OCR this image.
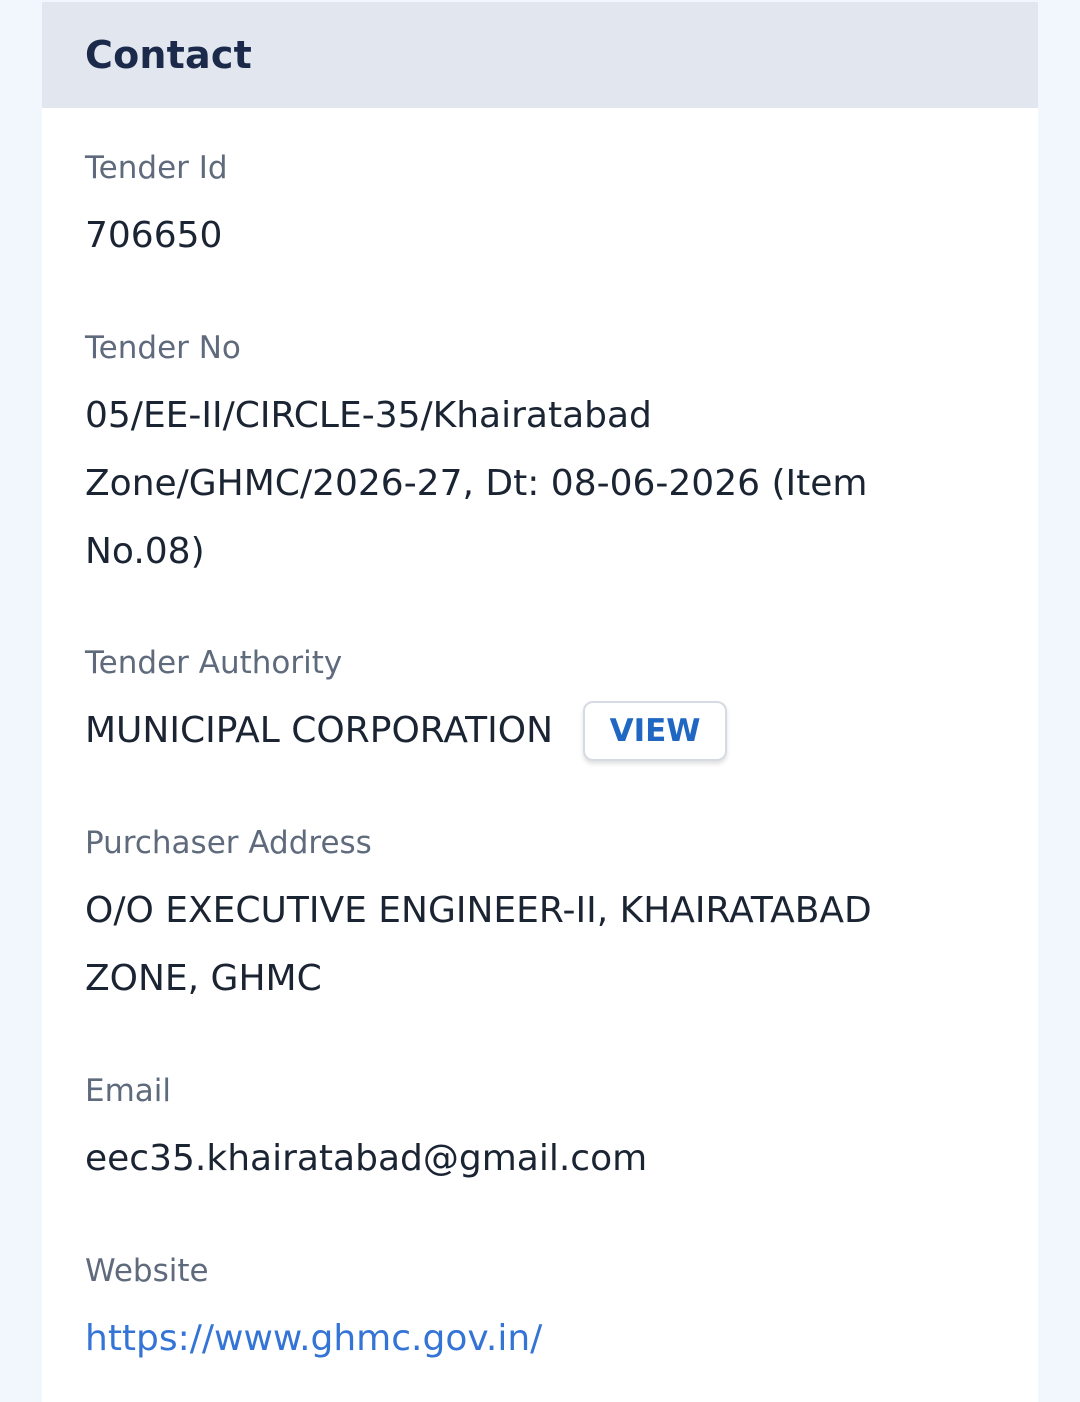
Contact
Tender Id
706650
Tender No
05/EE-II/CIRCLE-35/Khairatabad Zone/GHMC/2026-27, Dt: 08-06-2026 (Item No.08)
Tender Authority
MUNICIPAL CORPORATION	VIEW
Purchaser Address
O/O EXECUTIVE ENGINEER-II, KHAIRATABAD ZONE, GHMC
Email
eec35.khairatabad@gmail.com
Website
https://www.ghmc.gov.in/
